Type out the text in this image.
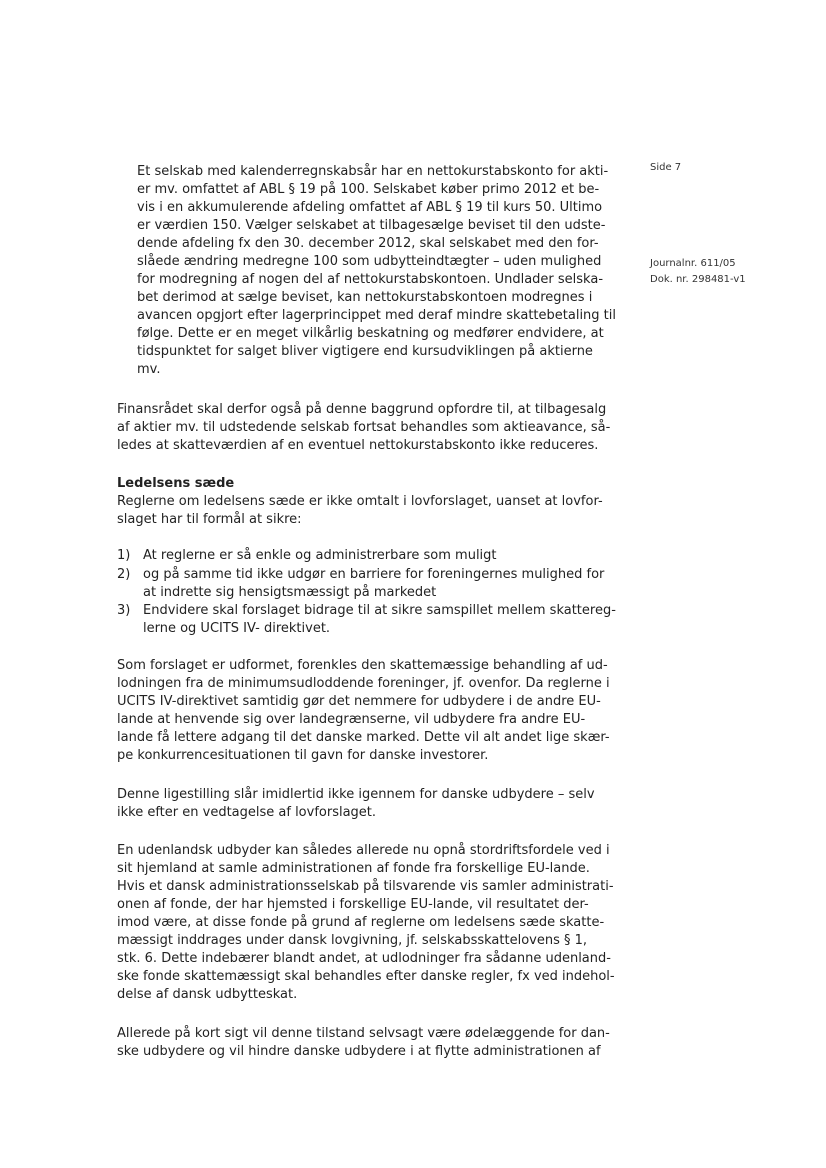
Side 7
Journalnr. 611/05
Dok. nr. 298481-v1
Et selskab med kalenderregnskabsår har en nettokurstabskonto for akti-
er mv. omfattet af ABL § 19 på 100. Selskabet køber primo 2012 et be-
vis i en akkumulerende afdeling omfattet af ABL § 19 til kurs 50. Ultimo
er værdien 150. Vælger selskabet at tilbagesælge beviset til den udste-
dende afdeling fx den 30. december 2012, skal selskabet med den for-
slåede ændring medregne 100 som udbytteindtægter – uden mulighed
for modregning af nogen del af nettokurstabskontoen. Undlader selska-
bet derimod at sælge beviset, kan nettokurstabskontoen modregnes i
avancen opgjort efter lagerprincippet med deraf mindre skattebetaling til
følge. Dette er en meget vilkårlig beskatning og medfører endvidere, at
tidspunktet for salget bliver vigtigere end kursudviklingen på aktierne
mv.
Finansrådet skal derfor også på denne baggrund opfordre til, at tilbagesalg
af aktier mv. til udstedende selskab fortsat behandles som aktieavance, så-
ledes at skatteværdien af en eventuel nettokurstabskonto ikke reduceres.
Ledelsens sæde
Reglerne om ledelsens sæde er ikke omtalt i lovforslaget, uanset at lovfor-
slaget har til formål at sikre:
1) At reglerne er så enkle og administrerbare som muligt
2) og på samme tid ikke udgør en barriere for foreningernes mulighed for
at indrette sig hensigtsmæssigt på markedet
3) Endvidere skal forslaget bidrage til at sikre samspillet mellem skattereg-
lerne og UCITS IV- direktivet.
Som forslaget er udformet, forenkles den skattemæssige behandling af ud-
lodningen fra de minimumsudloddende foreninger, jf. ovenfor. Da reglerne i
UCITS IV-direktivet samtidig gør det nemmere for udbydere i de andre EU-
lande at henvende sig over landegrænserne, vil udbydere fra andre EU-
lande få lettere adgang til det danske marked. Dette vil alt andet lige skær-
pe konkurrencesituationen til gavn for danske investorer.
Denne ligestilling slår imidlertid ikke igennem for danske udbydere – selv
ikke efter en vedtagelse af lovforslaget.
En udenlandsk udbyder kan således allerede nu opnå stordriftsfordele ved i
sit hjemland at samle administrationen af fonde fra forskellige EU-lande.
Hvis et dansk administrationsselskab på tilsvarende vis samler administrati-
onen af fonde, der har hjemsted i forskellige EU-lande, vil resultatet der-
imod være, at disse fonde på grund af reglerne om ledelsens sæde skatte-
mæssigt inddrages under dansk lovgivning, jf. selskabsskattelovens § 1,
stk. 6. Dette indebærer blandt andet, at udlodninger fra sådanne udenland-
ske fonde skattemæssigt skal behandles efter danske regler, fx ved indehol-
delse af dansk udbytteskat.
Allerede på kort sigt vil denne tilstand selvsagt være ødelæggende for dan-
ske udbydere og vil hindre danske udbydere i at flytte administrationen af
